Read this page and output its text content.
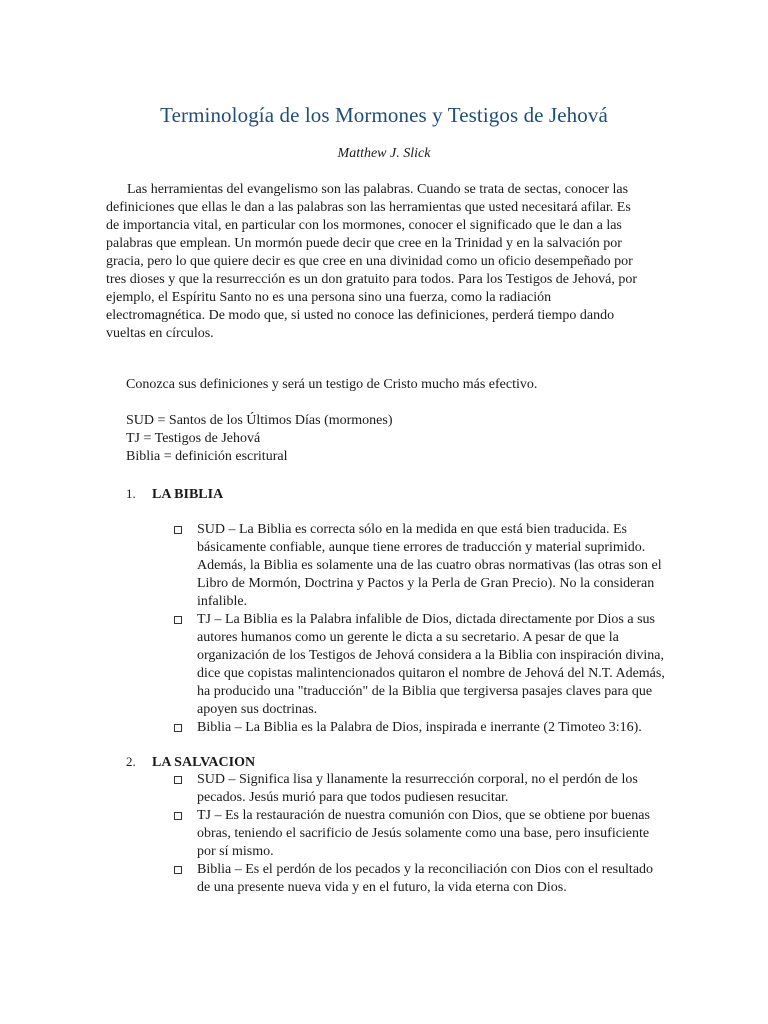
Terminología de los Mormones y Testigos de Jehová
Matthew J. Slick

Las herramientas del evangelismo son las palabras. Cuando se trata de sectas, conocer las definiciones que ellas le dan a las palabras son las herramientas que usted necesitará afilar. Es de importancia vital, en particular con los mormones, conocer el significado que le dan a las palabras que emplean. Un mormón puede decir que cree en la Trinidad y en la salvación por gracia, pero lo que quiere decir es que cree en una divinidad como un oficio desempeñado por tres dioses y que la resurrección es un don gratuito para todos. Para los Testigos de Jehová, por ejemplo, el Espíritu Santo no es una persona sino una fuerza, como la radiación electromagnética. De modo que, si usted no conoce las definiciones, perderá tiempo dando vueltas en círculos.

Conozca sus definiciones y será un testigo de Cristo mucho más efectivo.

SUD = Santos de los Últimos Días (mormones)
TJ = Testigos de Jehová
Biblia = definición escritural
1. LA BIBLIA
SUD – La Biblia es correcta sólo en la medida en que está bien traducida. Es básicamente confiable, aunque tiene errores de traducción y material suprimido. Además, la Biblia es solamente una de las cuatro obras normativas (las otras son el Libro de Mormón, Doctrina y Pactos y la Perla de Gran Precio). No la consideran infalible.
TJ – La Biblia es la Palabra infalible de Dios, dictada directamente por Dios a sus autores humanos como un gerente le dicta a su secretario. A pesar de que la organización de los Testigos de Jehová considera a la Biblia con inspiración divina, dice que copistas malintencionados quitaron el nombre de Jehová del N.T. Además, ha producido una "traducción" de la Biblia que tergiversa pasajes claves para que apoyen sus doctrinas.
Biblia – La Biblia es la Palabra de Dios, inspirada e inerrante (2 Timoteo 3:16).
2. LA SALVACION
SUD – Significa lisa y llanamente la resurrección corporal, no el perdón de los pecados. Jesús murió para que todos pudiesen resucitar.
TJ – Es la restauración de nuestra comunión con Dios, que se obtiene por buenas obras, teniendo el sacrificio de Jesús solamente como una base, pero insuficiente por sí mismo.
Biblia – Es el perdón de los pecados y la reconciliación con Dios con el resultado de una presente nueva vida y en el futuro, la vida eterna con Dios.
